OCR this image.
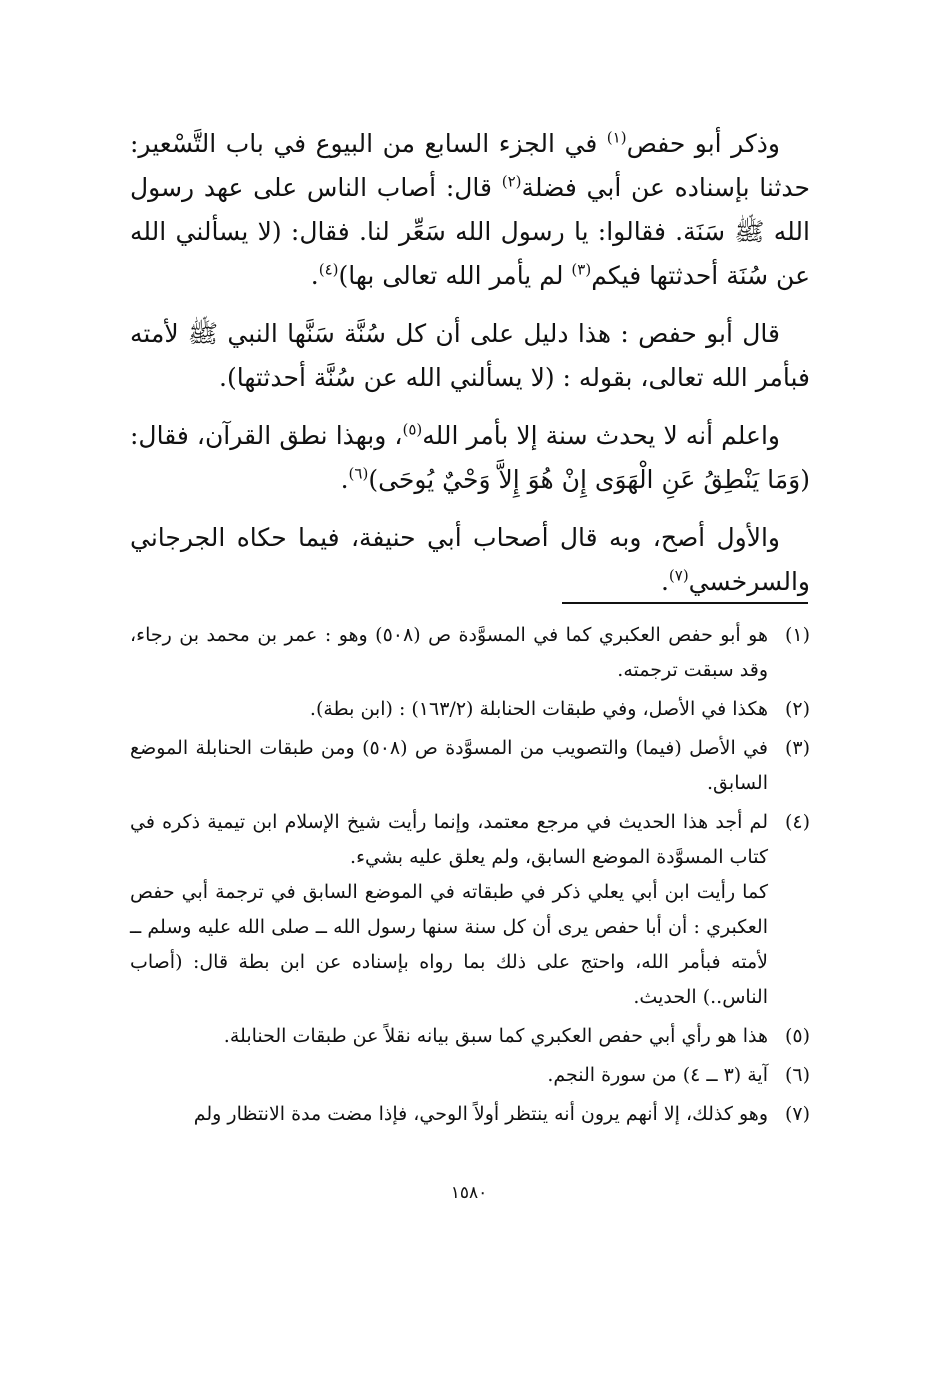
وذكر أبو حفص$^{(١)}$ في الجزء السابع من البيوع في باب التَّسْعير: حدثنا بإسناده عن أبي فضلة$^{(٢)}$ قال: أصاب الناس على عهد رسول الله ﷺ سَنَة. فقالوا: يا رسول الله سَعِّر لنا. فقال: (لا يسألني الله عن سُنَة أحدثتها فيكم$^{(٣)}$ لم يأمر الله تعالى بها)$^{(٤)}$.

قال أبو حفص : هذا دليل على أن كل سُنَّة سَنَّها النبي ﷺ لأمته فبأمر الله تعالى، بقوله : (لا يسألني الله عن سُنَّة أحدثتها).

واعلم أنه لا يحدث سنة إلا بأمر الله$^{(٥)}$، وبهذا نطق القرآن، فقال: (وَمَا يَنْطِقُ عَنِ الْهَوَى إِنْ هُوَ إِلاَّ وَحْيٌ يُوحَى)$^{(٦)}$.

والأول أصح، وبه قال أصحاب أبي حنيفة، فيما حكاه الجرجاني والسرخسي$^{(٧)}$.

(١)

هو أبو حفص العكبري كما في المسوَّدة ص (٥٠٨) وهو : عمر بن محمد بن رجاء، وقد سبقت ترجمته.

(٢)

هكذا في الأصل، وفي طبقات الحنابلة (١٦٣/٢) : (ابن بطة).

(٣)

في الأصل (فيما) والتصويب من المسوَّدة ص (٥٠٨) ومن طبقات الحنابلة الموضع السابق.

(٤)

لم أجد هذا الحديث في مرجع معتمد، وإنما رأيت شيخ الإسلام ابن تيمية ذكره في كتاب المسوَّدة الموضع السابق، ولم يعلق عليه بشيء.

كما رأيت ابن أبي يعلي ذكر في طبقاته في الموضع السابق في ترجمة أبي حفص العكبري : أن أبا حفص يرى أن كل سنة سنها رسول الله ــ صلى الله عليه وسلم ــ لأمته فبأمر الله، واحتج على ذلك بما رواه بإسناده عن ابن بطة قال: (أصاب الناس..) الحديث.

(٥)

هذا هو رأي أبي حفص العكبري كما سبق بيانه نقلاً عن طبقات الحنابلة.

(٦)

آية (٣ ــ ٤) من سورة النجم.

(٧)

وهو كذلك، إلا أنهم يرون أنه ينتظر أولاً الوحي، فإذا مضت مدة الانتظار ولم

١٥٨٠
